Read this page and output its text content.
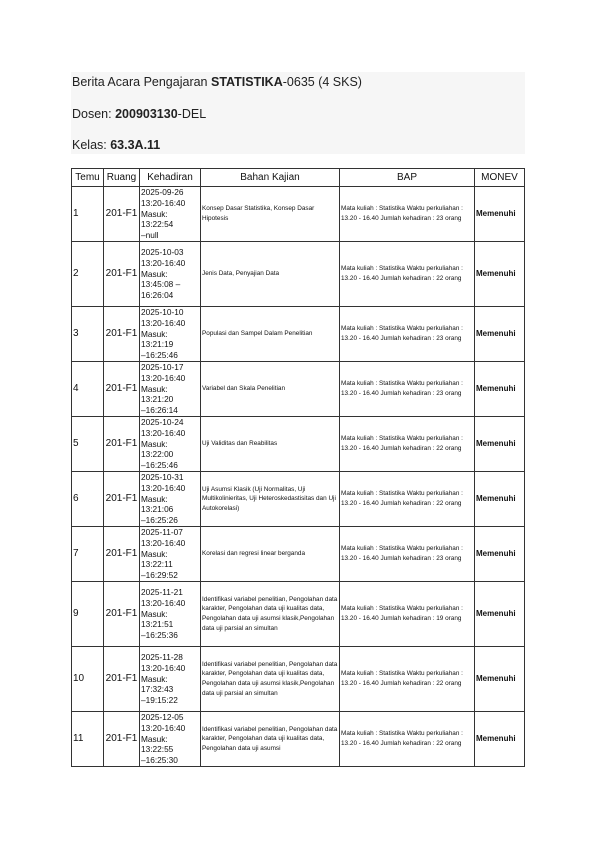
Berita Acara Pengajaran STATISTIKA-0635 (4 SKS)
Dosen: 200903130-DEL
Kelas: 63.3A.11
Temu	Ruang	Kehadiran	Bahan Kajian	BAP	MONEV
1	201-F1	2025-09-26
13:20-16:40
Masuk: 13:22:54
–null	Konsep Dasar Statistika, Konsep Dasar Hipotesis	Mata kuliah : Statistika Waktu perkuliahan : 13.20 - 16.40 Jumlah kehadiran : 23 orang	Memenuhi
2	201-F1	2025-10-03
13:20-16:40
Masuk: 13:45:08 –
16:26:04	Jenis Data, Penyajian Data	Mata kuliah : Statistika Waktu perkuliahan : 13.20 - 16.40 Jumlah kehadiran : 22 orang	Memenuhi
3	201-F1	2025-10-10
13:20-16:40
Masuk: 13:21:19
–16:25:46	Populasi dan Sampel Dalam Penelitian	Mata kuliah : Statistika Waktu perkuliahan : 13.20 - 16.40 Jumlah kehadiran : 23 orang	Memenuhi
4	201-F1	2025-10-17
13:20-16:40
Masuk: 13:21:20
–16:26:14	Variabel dan Skala Penelitian	Mata kuliah : Statistika Waktu perkuliahan : 13.20 - 16.40 Jumlah kehadiran : 23 orang	Memenuhi
5	201-F1	2025-10-24
13:20-16:40
Masuk: 13:22:00
–16:25:46	Uji Validitas dan Reabilitas	Mata kuliah : Statistika Waktu perkuliahan : 13.20 - 16.40 Jumlah kehadiran : 22 orang	Memenuhi
6	201-F1	2025-10-31
13:20-16:40
Masuk: 13:21:06
–16:25:26	Uji Asumsi Klasik (Uji Normalitas, Uji Multikolinieritas, Uji Heteroskedastisitas dan Uji Autokorelasi)	Mata kuliah : Statistika Waktu perkuliahan : 13.20 - 16.40 Jumlah kehadiran : 22 orang	Memenuhi
7	201-F1	2025-11-07
13:20-16:40
Masuk: 13:22:11
–16:29:52	Korelasi dan regresi linear berganda	Mata kuliah : Statistika Waktu perkuliahan : 13.20 - 16.40 Jumlah kehadiran : 23 orang	Memenuhi
9	201-F1	2025-11-21
13:20-16:40
Masuk: 13:21:51
–16:25:36	Identifikasi variabel penelitian, Pengolahan data karakter, Pengolahan data uji kualitas data, Pengolahan data uji asumsi klasik,Pengolahan data uji parsial an simultan	Mata kuliah : Statistika Waktu perkuliahan : 13.20 - 16.40 Jumlah kehadiran : 19 orang	Memenuhi
10	201-F1	2025-11-28
13:20-16:40
Masuk: 17:32:43
–19:15:22	Identifikasi variabel penelitian, Pengolahan data karakter, Pengolahan data uji kualitas data, Pengolahan data uji asumsi klasik,Pengolahan data uji parsial an simultan	Mata kuliah : Statistika Waktu perkuliahan : 13.20 - 16.40 Jumlah kehadiran : 22 orang	Memenuhi
11	201-F1	2025-12-05
13:20-16:40
Masuk: 13:22:55
–16:25:30	Identifikasi variabel penelitian, Pengolahan data karakter, Pengolahan data uji kualitas data, Pengolahan data uji asumsi	Mata kuliah : Statistika Waktu perkuliahan : 13.20 - 16.40 Jumlah kehadiran : 22 orang	Memenuhi
